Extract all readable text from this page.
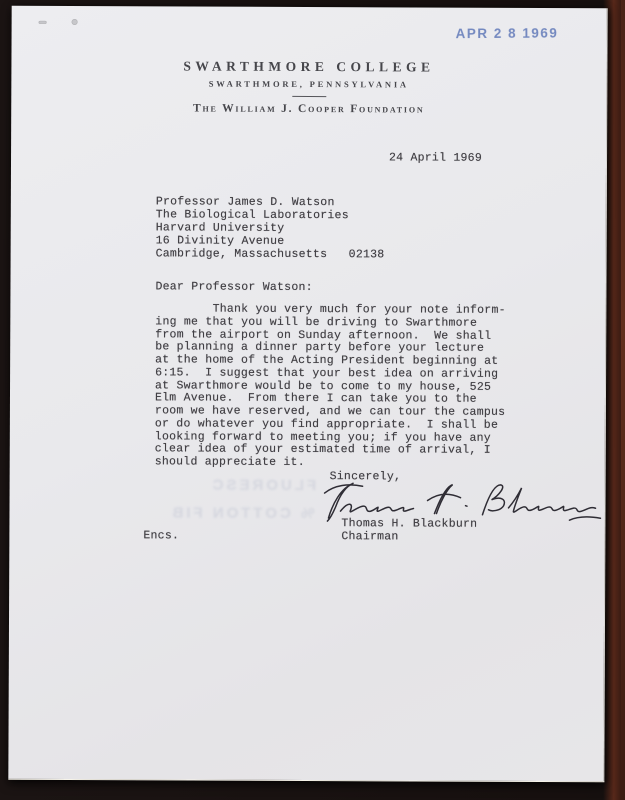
APR 2 8 1969
FLUORESC
% COTTON FIB
SWARTHMORE COLLEGE
SWARTHMORE, PENNSYLVANIA
The William J. Cooper Foundation
24 April 1969
Professor James D. Watson
The Biological Laboratories
Harvard University
16 Divinity Avenue
Cambridge, Massachusetts   02138
Dear Professor Watson:
Thank you very much for your note inform-
ing me that you will be driving to Swarthmore
from the airport on Sunday afternoon.  We shall
be planning a dinner party before your lecture
at the home of the Acting President beginning at
6:15.  I suggest that your best idea on arriving
at Swarthmore would be to come to my house, 525
Elm Avenue.  From there I can take you to the
room we have reserved, and we can tour the campus
or do whatever you find appropriate.  I shall be
looking forward to meeting you; if you have any
clear idea of your estimated time of arrival, I
should appreciate it.
Sincerely,
Thomas H. Blackburn
Chairman
Encs.
